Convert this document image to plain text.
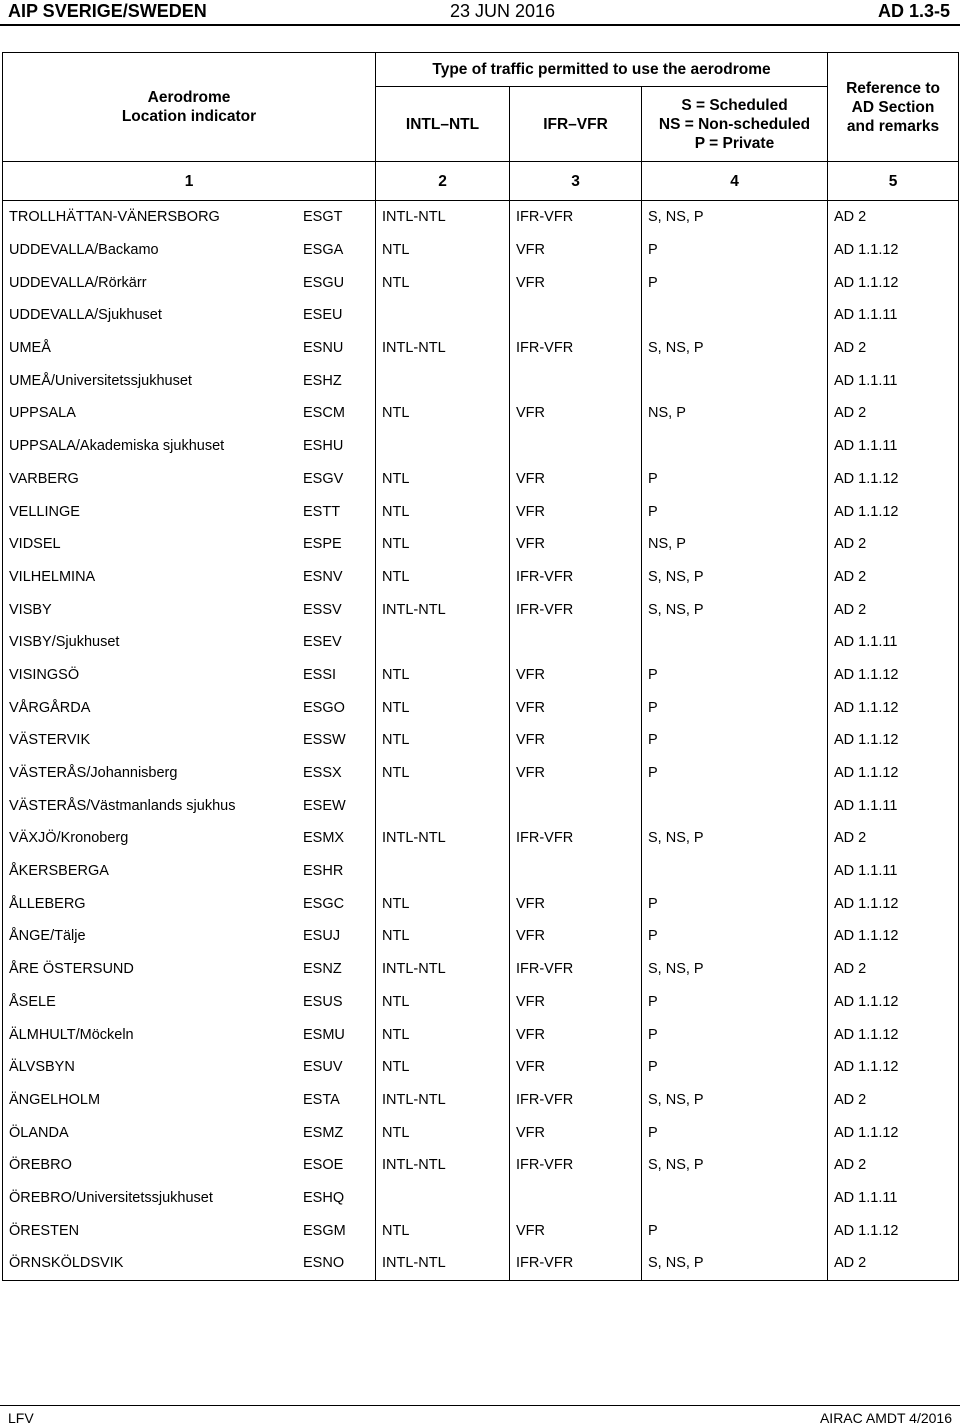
AIP SVERIGE/SWEDEN	23 JUN 2016	AD 1.3-5
Aerodrome
Location indicator	Type of traffic permitted to use the aerodrome			Reference to
AD Section
and remarks
	INTL–NTL	IFR–VFR	S = Scheduled
NS = Non-scheduled
P = Private	
1	2	3	4	5
TROLLHÄTTAN-VÄNERSBORG ESGT	INTL-NTL	IFR-VFR	S, NS, P	AD 2
UDDEVALLA/Backamo ESGA	NTL	VFR	P	AD 1.1.12
UDDEVALLA/Rörkärr ESGU	NTL	VFR	P	AD 1.1.12
UDDEVALLA/Sjukhuset ESEU				AD 1.1.11
UMEÅ ESNU	INTL-NTL	IFR-VFR	S, NS, P	AD 2
UMEÅ/Universitetssjukhuset ESHZ				AD 1.1.11
UPPSALA ESCM	NTL	VFR	NS, P	AD 2
UPPSALA/Akademiska sjukhuset ESHU				AD 1.1.11
VARBERG ESGV	NTL	VFR	P	AD 1.1.12
VELLINGE ESTT	NTL	VFR	P	AD 1.1.12
VIDSEL ESPE	NTL	VFR	NS, P	AD 2
VILHELMINA ESNV	NTL	IFR-VFR	S, NS, P	AD 2
VISBY ESSV	INTL-NTL	IFR-VFR	S, NS, P	AD 2
VISBY/Sjukhuset ESEV				AD 1.1.11
VISINGSÖ ESSI	NTL	VFR	P	AD 1.1.12
VÅRGÅRDA ESGO	NTL	VFR	P	AD 1.1.12
VÄSTERVIK ESSW	NTL	VFR	P	AD 1.1.12
VÄSTERÅS/Johannisberg ESSX	NTL	VFR	P	AD 1.1.12
VÄSTERÅS/Västmanlands sjukhus ESEW				AD 1.1.11
VÄXJÖ/Kronoberg ESMX	INTL-NTL	IFR-VFR	S, NS, P	AD 2
ÅKERSBERGA ESHR				AD 1.1.11
ÅLLEBERG ESGC	NTL	VFR	P	AD 1.1.12
ÅNGE/Tälje ESUJ	NTL	VFR	P	AD 1.1.12
ÅRE ÖSTERSUND ESNZ	INTL-NTL	IFR-VFR	S, NS, P	AD 2
ÅSELE ESUS	NTL	VFR	P	AD 1.1.12
ÄLMHULT/Möckeln ESMU	NTL	VFR	P	AD 1.1.12
ÄLVSBYN ESUV	NTL	VFR	P	AD 1.1.12
ÄNGELHOLM ESTA	INTL-NTL	IFR-VFR	S, NS, P	AD 2
ÖLANDA ESMZ	NTL	VFR	P	AD 1.1.12
ÖREBRO ESOE	INTL-NTL	IFR-VFR	S, NS, P	AD 2
ÖREBRO/Universitetssjukhuset ESHQ				AD 1.1.11
ÖRESTEN ESGM	NTL	VFR	P	AD 1.1.12
ÖRNSKÖLDSVIK ESNO	INTL-NTL	IFR-VFR	S, NS, P	AD 2
LFV	AIRAC AMDT 4/2016
